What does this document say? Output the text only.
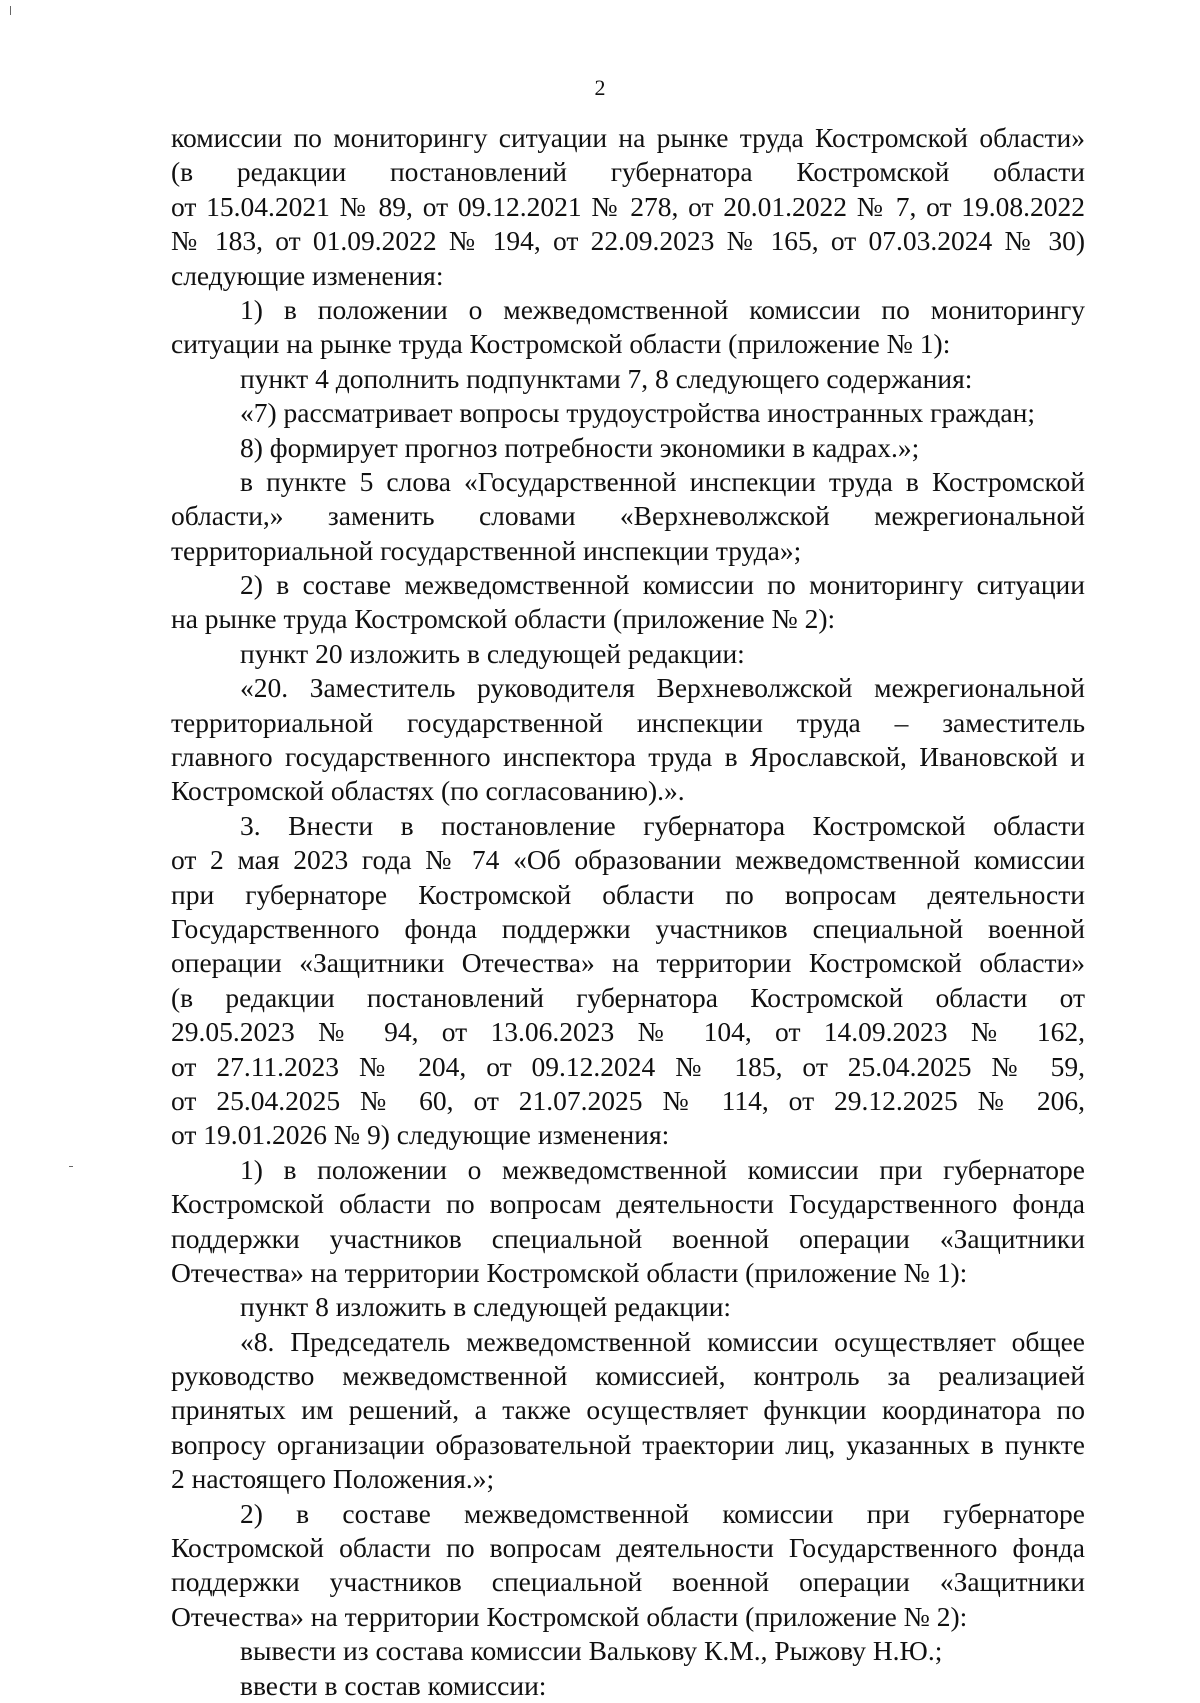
2
комиссии по мониторингу ситуации на рынке труда Костромской области»
(в редакции постановлений губернатора Костромской области
от 15.04.2021 № 89, от 09.12.2021 № 278, от 20.01.2022 № 7, от 19.08.2022
№ 183, от 01.09.2022 № 194, от 22.09.2023 № 165, от 07.03.2024 № 30)
следующие изменения:
1) в положении о межведомственной комиссии по мониторингу
ситуации на рынке труда Костромской области (приложение № 1):
пункт 4 дополнить подпунктами 7, 8 следующего содержания:
«7) рассматривает вопросы трудоустройства иностранных граждан;
8) формирует прогноз потребности экономики в кадрах.»;
в пункте 5 слова «Государственной инспекции труда в Костромской
области,» заменить словами «Верхневолжской межрегиональной
территориальной государственной инспекции труда»;
2) в составе межведомственной комиссии по мониторингу ситуации
на рынке труда Костромской области (приложение № 2):
пункт 20 изложить в следующей редакции:
«20. Заместитель руководителя Верхневолжской межрегиональной
территориальной государственной инспекции труда – заместитель
главного государственного инспектора труда в Ярославской, Ивановской и
Костромской областях (по согласованию).».
3. Внести в постановление губернатора Костромской области
от 2 мая 2023 года № 74 «Об образовании межведомственной комиссии
при губернаторе Костромской области по вопросам деятельности
Государственного фонда поддержки участников специальной военной
операции «Защитники Отечества» на территории Костромской области»
(в редакции постановлений губернатора Костромской области от
29.05.2023 № 94, от 13.06.2023 № 104, от 14.09.2023 № 162,
от 27.11.2023 № 204, от 09.12.2024 № 185, от 25.04.2025 № 59,
от 25.04.2025 № 60, от 21.07.2025 № 114, от 29.12.2025 № 206,
от 19.01.2026 № 9) следующие изменения:
1) в положении о межведомственной комиссии при губернаторе
Костромской области по вопросам деятельности Государственного фонда
поддержки участников специальной военной операции «Защитники
Отечества» на территории Костромской области (приложение № 1):
пункт 8 изложить в следующей редакции:
«8. Председатель межведомственной комиссии осуществляет общее
руководство межведомственной комиссией, контроль за реализацией
принятых им решений, а также осуществляет функции координатора по
вопросу организации образовательной траектории лиц, указанных в пункте
2 настоящего Положения.»;
2) в составе межведомственной комиссии при губернаторе
Костромской области по вопросам деятельности Государственного фонда
поддержки участников специальной военной операции «Защитники
Отечества» на территории Костромской области (приложение № 2):
вывести из состава комиссии Валькову К.М., Рыжову Н.Ю.;
ввести в состав комиссии:
